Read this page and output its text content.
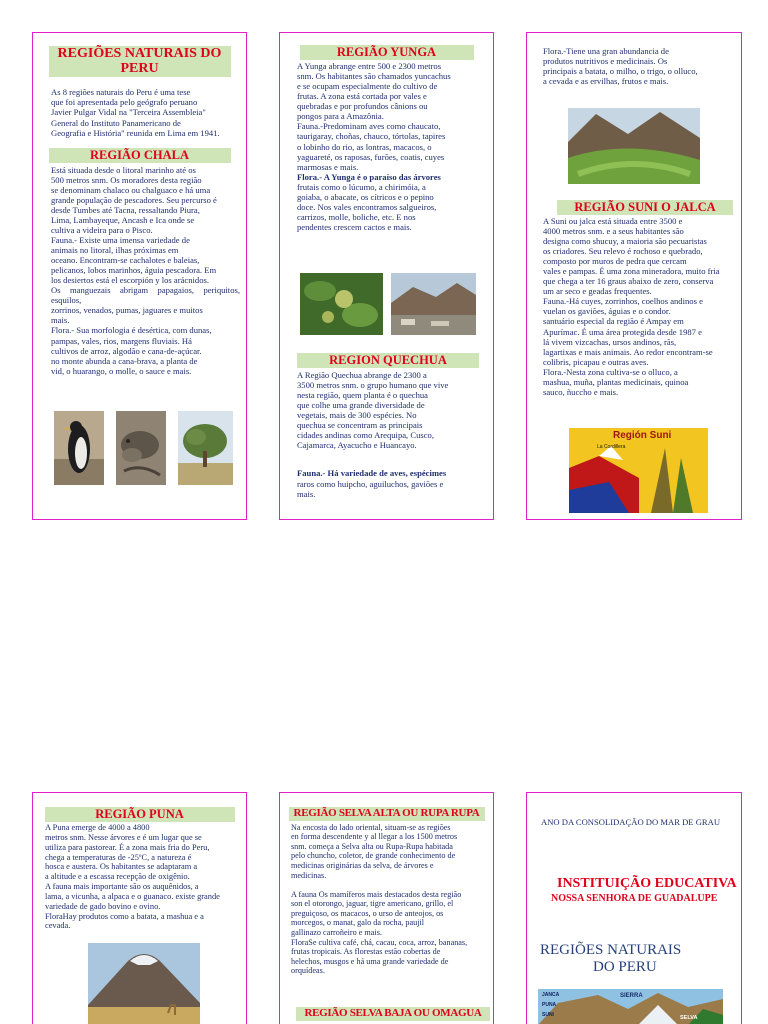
REGIÕES NATURAIS DO PERU
As 8 regiões naturais do Peru é uma tese
que foi apresentada pelo geógrafo peruano
Javier Pulgar Vidal na "Terceira Assembleia"
General do Instituto Panamericano de
Geografia e História" reunida em Lima em 1941.
REGIÃO CHALA
Está situada desde o litoral marinho até os
500 metros snm. Os moradores desta região
se denominam chalaco ou chalguaco e há uma
grande população de pescadores. Seu percurso é
desde Tumbes até Tacna, ressaltando Piura,
Lima, Lambayeque, Ancash e Ica onde se
cultiva a videira para o Pisco.
Fauna.- Existe uma imensa variedade de
animais no litoral, ilhas próximas em
oceano. Encontram-se cachalotes e baleias,
pelicanos, lobos marinhos, águia pescadora. Em
los desiertos está el escorpión y los arácnidos.
Os manguezais abrigam papagaios, periquitos, esquilos,
zorrinos, venados, pumas, jaguares e muitos
mais.
Flora.- Sua morfologia é desértica, com dunas,
pampas, vales, rios, margens fluviais. Há
cultivos de arroz, algodão e cana-de-açúcar.
no monte abunda a cana-brava, a planta de
vid, o huarango, o molle, o sauce e mais.
REGIÃO YUNGA
A Yunga abrange entre 500 e 2300 metros
snm. Os habitantes são chamados yuncachus
e se ocupam especialmente do cultivo de
frutas. A zona está cortada por vales e
quebradas e por profundos cânions ou
pongos para a Amazônia.
Fauna.-Predominam aves como chaucato,
taurigaray, choñas, chauco, tórtolas, tapires
o lobinho do rio, as lontras, macacos, o
yaguareté, os raposas, furões, coatis, cuyes
marmosas e mais.
Flora.- A Yunga é o paraíso das árvores
frutais como o lúcumo, a chirimóia, a
goiaba, o abacate, os cítricos e o pepino
doce. Nos vales encontramos salgueiros,
carrizos, molle, boliche, etc. E nos
pendentes crescem cactos e mais.
REGION QUECHUA
A Região Quechua abrange de 2300 a
3500 metros snm. o grupo humano que vive
nesta região, quem planta é o quechua
que colhe uma grande diversidade de
vegetais, mais de 300 espécies. No
quechua se concentram as principais
cidades andinas como Arequipa, Cusco,
Cajamarca, Ayacucho e Huancayo.
Fauna.- Há variedade de aves, espécimes
raros como huipcho, aguiluchos, gaviões e
mais.
Flora.-Tiene una gran abundancia de
produtos nutritivos e medicinais. Os
principais a batata, o milho, o trigo, o olluco,
a cevada e as ervilhas, frutos e mais.
REGIÃO SUNI O JALCA
A Suni ou jalca está situada entre 3500 e
4000 metros snm. e a seus habitantes são
designa como shucuy, a maioria são pecuaristas
os criadores. Seu relevo é rochoso e quebrado,
composto por muros de pedra que cercam
vales e pampas. É uma zona mineradora, muito fria
que chega a ter 16 graus abaixo de zero, conserva
um ar seco e geadas frequentes.
Fauna.-Há cuyes, zorrinhos, coelhos andinos e
vuelan os gaviões, águias e o condor.
santuário especial da região é Ampay em
Apurímac. É uma área protegida desde 1987 e
lá vivem vizcachas, ursos andinos, rãs,
lagartixas e mais animais. Ao redor encontram-se
colibris, picapau e outras aves.
Flora.-Nesta zona cultiva-se o olluco, a
mashua, muña, plantas medicinais, quinoa
sauco, ñuccho e mais.
Región Suni
La Cordillera
REGIÃO PUNA
A Puna emerge de 4000 a 4800
metros snm. Nesse árvores e é um lugar que se
utiliza para pastorear. É a zona mais fria do Peru,
chega a temperaturas de -25ºC, a natureza é
hosca e austera. Os habitantes se adaptaram a
a altitude e a escassa recepção de oxigênio.
A fauna mais importante são os auquênidos, a
lama, a vicunha, a alpaca e o guanaco. existe grande
variedade de gado bovino e ovino.
FloraHay produtos como a batata, a mashua e a
cevada.
REGIÃO SELVA ALTA OU RUPA RUPA
Na encosta do lado oriental, situam-se as regiões
en forma descendente y al llegar a los 1500 metros
snm. começa a Selva alta ou Rupa-Rupa habitada
pelo chuncho, coletor, de grande conhecimento de
medicinas originárias da selva, de árvores e
medicinas.

A fauna Os mamíferos mais destacados desta região
son el otorongo, jaguar, tigre americano, grillo, el
preguiçoso, os macacos, o urso de anteojos, os
morcegos, o manat, galo da rocha, paujil
gallinazo carroñeiro e mais.
FloraSe cultiva café, chá, cacau, coca, arroz, bananas,
frutas tropicais. As florestas estão cobertas de
helechos, musgos e há uma grande variedade de
orquídeas.
REGIÃO SELVA BAJA OU OMAGUA
ANO DA CONSOLIDAÇÃO DO MAR DE GRAU
INSTITUIÇÃO EDUCATIVA
NOSSA SENHORA DE GUADALUPE
REGIÕES NATURAIS
DO PERU
JANCA
PUNA
SUNI
SIERRA
SELVA
